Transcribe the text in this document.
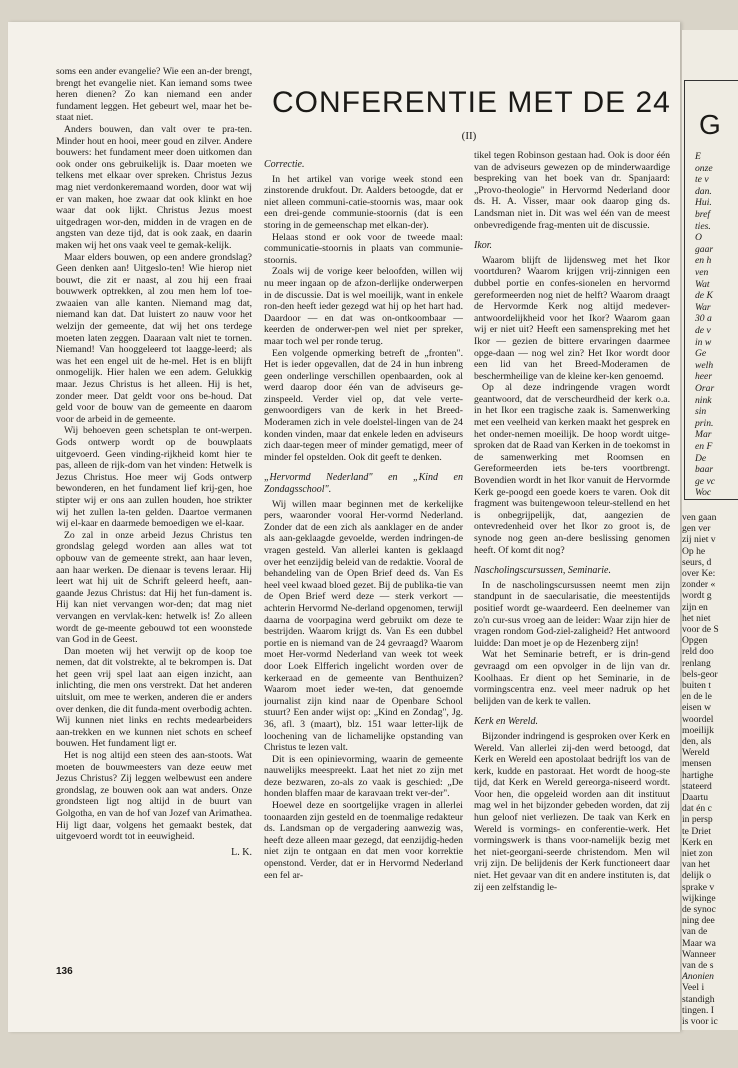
soms een ander evangelie? Wie een an-der brengt, brengt het evangelie niet. Kan iemand soms twee heren dienen? Zo kan niemand een ander fundament leggen. Het gebeurt wel, maar het be-staat niet.

Anders bouwen, dan valt over te pra-ten. Minder hout en hooi, meer goud en zilver. Andere bouwers: het fundament meer doen uitkomen dan ook onder ons gebruikelijk is. Daar moeten we telkens met elkaar over spreken. Christus Jezus mag niet verdonkeremaand worden, door wat wij er van maken, hoe zwaar dat ook klinkt en hoe waar dat ook lijkt. Christus Jezus moest uitgedragen wor-den, midden in de vragen en de angsten van deze tijd, dat is ook zaak, en daarin maken wij het ons vaak veel te gemak-kelijk.

Maar elders bouwen, op een andere grondslag? Geen denken aan! Uitgeslo-ten! Wie hierop niet bouwt, die zit er naast, al zou hij een fraai bouwwerk optrekken, al zou men hem lof toe-zwaaien van alle kanten. Niemand mag dat, niemand kan dat. Dat luistert zo nauw voor het welzijn der gemeente, dat wij het ons terdege moeten laten zeggen. Daaraan valt niet te tornen. Niemand! Van hooggeleerd tot laagge-leerd; als was het een engel uit de he-mel. Het is en blijft onmogelijk. Hier halen we een adem. Gelukkig maar. Jezus Christus is het alleen. Hij is het, zonder meer. Dat geldt voor ons be-houd. Dat geld voor de bouw van de gemeente en daarom voor de arbeid in de gemeente.

Wij behoeven geen schetsplan te ont-werpen. Gods ontwerp wordt op de bouwplaats uitgevoerd. Geen vinding-rijkheid komt hier te pas, alleen de rijk-dom van het vinden: Hetwelk is Jezus Christus. Hoe meer wij Gods ontwerp bewonderen, en het fundament lief krij-gen, hoe stipter wij er ons aan zullen houden, hoe strikter wij het zullen la-ten gelden. Daartoe vermanen wij el-kaar en daarmede bemoedigen we el-kaar.

Zo zal in onze arbeid Jezus Christus ten grondslag gelegd worden aan alles wat tot opbouw van de gemeente strekt, aan haar leven, aan haar werken. De dienaar is tevens leraar. Hij leert wat hij uit de Schrift geleerd heeft, aan-gaande Jezus Christus: dat Hij het fun-dament is. Hij kan niet vervangen wor-den; dat mag niet vervangen en vervlak-ken: hetwelk is! Zo alleen wordt de ge-meente gebouwd tot een woonstede van God in de Geest.

Dan moeten wij het verwijt op de koop toe nemen, dat dit volstrekte, al te bekrompen is. Dat het geen vrij spel laat aan eigen inzicht, aan inlichting, die men ons verstrekt. Dat het anderen uitsluit, om mee te werken, anderen die er anders over denken, die dit funda-ment overbodig achten. Wij kunnen niet links en rechts medearbeiders aan-trekken en we kunnen niet schots en scheef bouwen. Het fundament ligt er.

Het is nog altijd een steen des aan-stoots. Wat moeten de bouwmeesters van deze eeuw met Jezus Christus? Zij leggen welbewust een andere grondslag, ze bouwen ook aan wat anders. Onze grondsteen ligt nog altijd in de buurt van Golgotha, en van de hof van Jozef van Arimathea. Hij ligt daar, volgens het gemaakt bestek, dat uitgevoerd wordt tot in eeuwigheid.

L. K.
CONFERENTIE MET DE 24
(II)
Correctie.

In het artikel van vorige week stond een zinstorende drukfout. Dr. Aalders betoogde, dat er niet alleen communi-catie-stoornis was, maar ook een drei-gende communie-stoornis (dat is een storing in de gemeenschap met elkan-der).

Helaas stond er ook voor de tweede maal: communicatie-stoornis in plaats van communie-stoornis.

Zoals wij de vorige keer beloofden, willen wij nu meer ingaan op de afzon-derlijke onderwerpen in de discussie. Dat is wel moeilijk, want in enkele ron-den heeft ieder gezegd wat hij op het hart had. Daardoor — en dat was on-ontkoombaar — keerden de onderwer-pen wel niet per spreker, maar toch wel per ronde terug.

Een volgende opmerking betreft de „fronten". Het is ieder opgevallen, dat de 24 in hun inbreng geen onderlinge verschillen openbaarden, ook al werd daarop door één van de adviseurs ge-zinspeeld. Verder viel op, dat vele verte-genwoordigers van de kerk in het Breed-Moderamen zich in vele doelstel-lingen van de 24 konden vinden, maar dat enkele leden en adviseurs zich daar-tegen meer of minder gematigd, meer of minder fel opstelden. Ook dit geeft te denken.

„Hervormd Nederland" en „Kind en Zondagsschool".

Wij willen maar beginnen met de kerkelijke pers, waaronder vooral Her-vormd Nederland. Zonder dat de een zich als aanklager en de ander als aan-geklaagde gevoelde, werden indringen-de vragen gesteld. Van allerlei kanten is geklaagd over het eenzijdig beleid van de redaktie. Vooral de behandeling van de Open Brief deed ds. Van Es heel veel kwaad bloed gezet. Bij de publika-tie van de Open Brief werd deze — sterk verkort — achterin Hervormd Ne-derland opgenomen, terwijl daarna de voorpagina werd gebruikt om deze te bestrijden. Waarom krijgt ds. Van Es een dubbel portie en is niemand van de 24 gevraagd? Waarom moet Her-vormd Nederland van week tot week door Loek Elfferich ingelicht worden over de kerkeraad en de gemeente van Benthuizen? Waarom moet ieder we-ten, dat genoemde journalist zijn kind naar de Openbare School stuurt? Een ander wijst op: „Kind en Zondag", Jg. 36, afl. 3 (maart), blz. 151 waar letter-lijk de loochening van de lichamelijke opstanding van Christus te lezen valt.

Dit is een opinievorming, waarin de gemeente nauwelijks meespreekt. Laat het niet zo zijn met deze bezwaren, zo-als zo vaak is geschied: „De honden blaffen maar de karavaan trekt ver-der".

Hoewel deze en soortgelijke vragen in allerlei toonaarden zijn gesteld en de toenmalige redakteur ds. Landsman op de vergadering aanwezig was, heeft deze alleen maar gezegd, dat eenzijdig-heden niet zijn te ontgaan en dat men voor korrektie openstond. Verder, dat er in Hervormd Nederland een fel ar-

tikel tegen Robinson gestaan had. Ook is door één van de adviseurs gewezen op de minderwaardige bespreking van het boek van dr. Spanjaard: „Provo-theologie" in Hervormd Nederland door ds. H. A. Visser, maar ook daarop ging ds. Landsman niet in. Dit was wel één van de meest onbevredigende frag-menten uit de discussie.

Ikor.

Waarom blijft de lijdensweg met het Ikor voortduren? Waarom krijgen vrij-zinnigen een dubbel portie en confes-sionelen en hervormd gereformeerden nog niet de helft? Waarom draagt de Hervormde Kerk nog altijd medever-antwoordelijkheid voor het Ikor? Waarom gaan wij er niet uit? Heeft een samenspreking met het Ikor — gezien de bittere ervaringen daarmee opge-daan — nog wel zin? Het Ikor wordt door een lid van het Breed-Moderamen de beschermheilige van de kleine ker-ken genoemd.

Op al deze indringende vragen wordt geantwoord, dat de verscheurdheid der kerk o.a. in het Ikor een tragische zaak is. Samenwerking met een veelheid van kerken maakt het gesprek en het onder-nemen moeilijk. De hoop wordt uitge-sproken dat de Raad van Kerken in de toekomst in de samenwerking met Roomsen en Gereformeerden iets be-ters voortbrengt. Bovendien wordt in het Ikor vanuit de Hervormde Kerk ge-poogd een goede koers te varen. Ook dit fragment was buitengewoon teleur-stellend en het is onbegrijpelijk, dat, aangezien de ontevredenheid over het Ikor zo groot is, de synode nog geen an-dere beslissing genomen heeft. Of komt dit nog?

Nascholingscursussen, Seminarie.

In de nascholingscursussen neemt men zijn standpunt in de saecularisatie, die meestentijds positief wordt ge-waardeerd. Een deelnemer van zo'n cur-sus vroeg aan de leider: Waar zijn hier de vragen rondom God-ziel-zaligheid? Het antwoord luidde: Dan moet je op de Hezenberg zijn!

Wat het Seminarie betreft, er is drin-gend gevraagd om een opvolger in de lijn van dr. Koolhaas. Er dient op het Seminarie, in de vormingscentra enz. veel meer nadruk op het belijden van de kerk te vallen.

Kerk en Wereld.

Bijzonder indringend is gesproken over Kerk en Wereld. Van allerlei zij-den werd betoogd, dat Kerk en Wereld een apostolaat bedrijft los van de kerk, kudde en pastoraat. Het wordt de hoog-ste tijd, dat Kerk en Wereld gereorga-niseerd wordt. Voor hen, die opgeleid worden aan dit instituut mag wel in het bijzonder gebeden worden, dat zij hun geloof niet verliezen. De taak van Kerk en Wereld is vormings- en conferentie-werk. Het vormingswerk is thans voor-namelijk bezig met het niet-georgani-seerde christendom. Men wil vrij zijn. De belijdenis der Kerk functioneert daar niet. Het gevaar van dit en andere instituten is, dat zij een zelfstandig le-

136
G
E
onze
te v
dan.
Hui.
bref
ties.
O
gaar
en h
ven
Wat
de K
War
30 a
de v
in w
Ge
welh
heer
Orar
nink
sin
prin.
Mar
en F
De
baar
ge vc
Woc
ven gaan
gen ver
zij niet v
Op he
seurs, d
over Ke:
zonder «
wordt g
zijn en
het niet
voor de S
Opgen
reld doo
renlang
bels-geor
buiten t
en de le
eisen w
woordel
moeilijk
den, als
Wereld
mensen
hartighe
stateerd
Daartu
dat én c
in persp
te Driet
Kerk en
niet zon
van het
delijk o
sprake v
wijkinge
de synoc
ning dee
van de
Maar wa
Wanneer
van de s
Anonien
Veel i
standigh
tingen. I
is voor ic
